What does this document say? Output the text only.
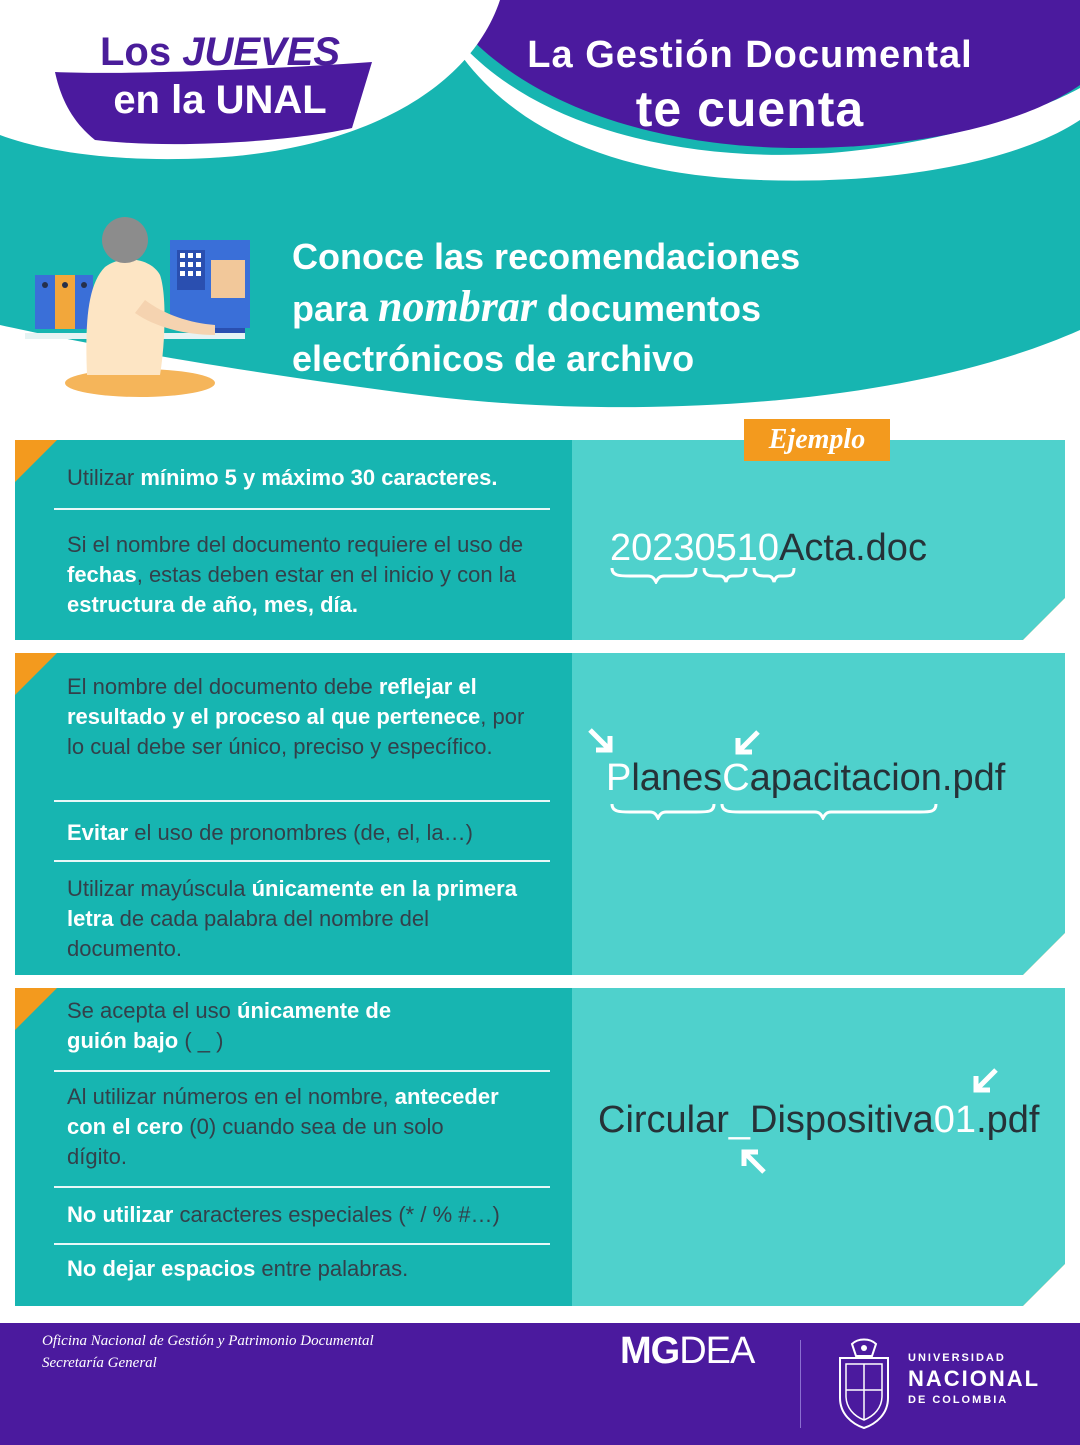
Los JUEVES
en la UNAL
La Gestión Documental
te cuenta
Conoce las recomendaciones
para nombrar documentos
electrónicos de archivo
Ejemplo
Utilizar mínimo 5 y máximo 30 caracteres.
Si el nombre del documento requiere el uso de fechas, estas deben estar en el inicio y con la estructura de año, mes, día.
20230510Acta.doc
El nombre del documento debe reflejar el resultado y el proceso al que pertenece, por lo cual debe ser único, preciso y específico.
Evitar el uso de pronombres (de, el, la…)
Utilizar mayúscula únicamente en la primera letra de cada palabra del nombre del documento.
PlanesCapacitacion.pdf
Se acepta el uso únicamente de guión bajo ( _ )
Al utilizar números en el nombre, anteceder con el cero (0) cuando sea de un solo dígito.
No utilizar caracteres especiales (* / % #…)
No dejar espacios entre palabras.
Circular_Dispositiva01.pdf
Oficina Nacional de Gestión y Patrimonio Documental
Secretaría General	MGDEA	UNIVERSIDAD
NACIONAL
DE COLOMBIA
